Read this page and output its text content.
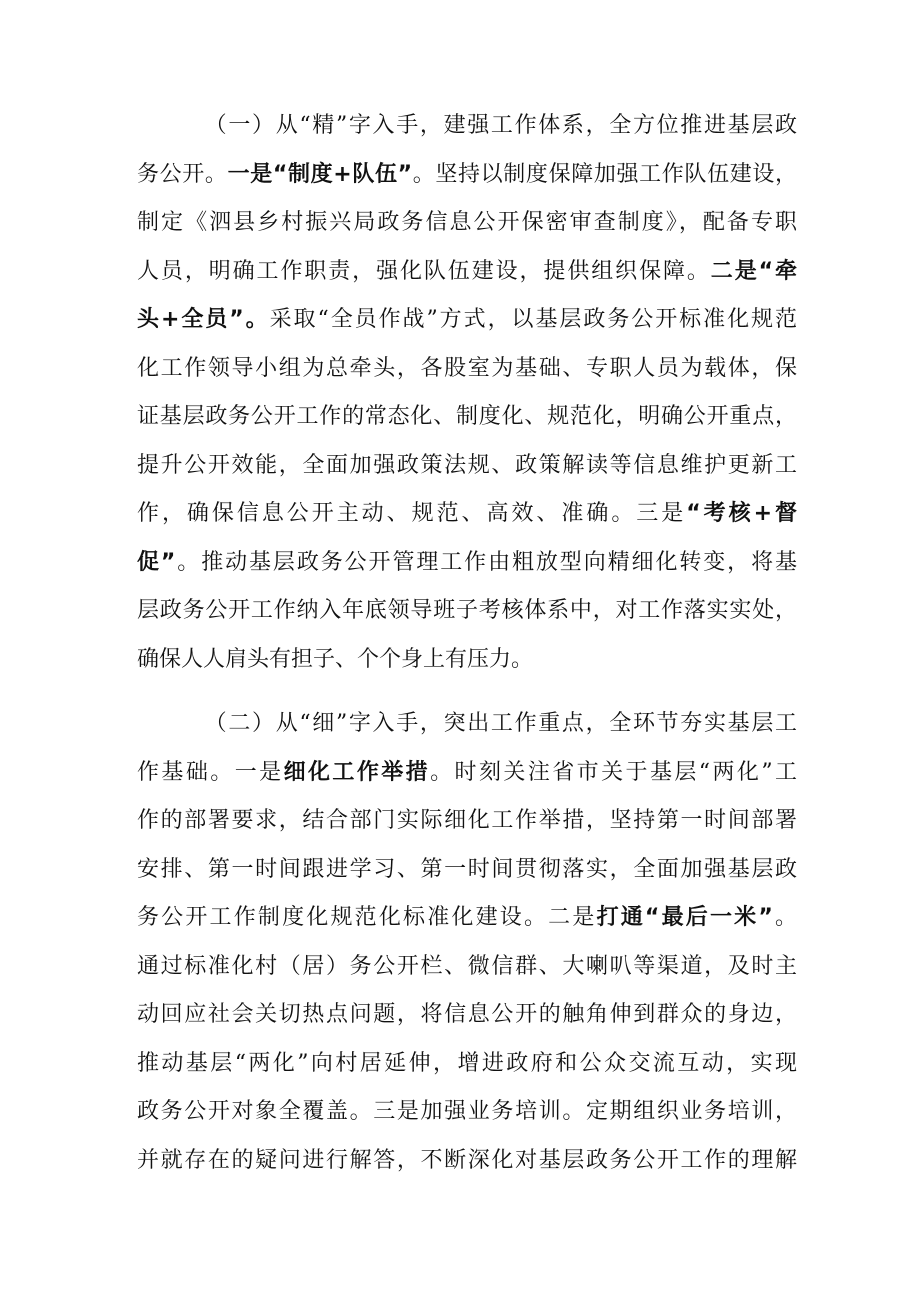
（一）从“精”字入手，建强工作体系，全方位推进基层政
务公开。一是“制度+队伍”。坚持以制度保障加强工作队伍建设，
制定《泗县乡村振兴局政务信息公开保密审查制度》，配备专职
人员，明确工作职责，强化队伍建设，提供组织保障。二是“牵
头+全员”。采取“全员作战”方式，以基层政务公开标准化规范
化工作领导小组为总牵头，各股室为基础、专职人员为载体，保
证基层政务公开工作的常态化、制度化、规范化，明确公开重点，
提升公开效能，全面加强政策法规、政策解读等信息维护更新工
作，确保信息公开主动、规范、高效、准确。三是“考核+督
促”。推动基层政务公开管理工作由粗放型向精细化转变，将基
层政务公开工作纳入年底领导班子考核体系中，对工作落实实处，
确保人人肩头有担子、个个身上有压力。
（二）从“细”字入手，突出工作重点，全环节夯实基层工
作基础。一是细化工作举措。时刻关注省市关于基层“两化”工
作的部署要求，结合部门实际细化工作举措，坚持第一时间部署
安排、第一时间跟进学习、第一时间贯彻落实，全面加强基层政
务公开工作制度化规范化标准化建设。二是打通“最后一米”。
通过标准化村（居）务公开栏、微信群、大喇叭等渠道，及时主
动回应社会关切热点问题，将信息公开的触角伸到群众的身边，
推动基层“两化”向村居延伸，增进政府和公众交流互动，实现
政务公开对象全覆盖。三是加强业务培训。定期组织业务培训，
并就存在的疑问进行解答，不断深化对基层政务公开工作的理解
